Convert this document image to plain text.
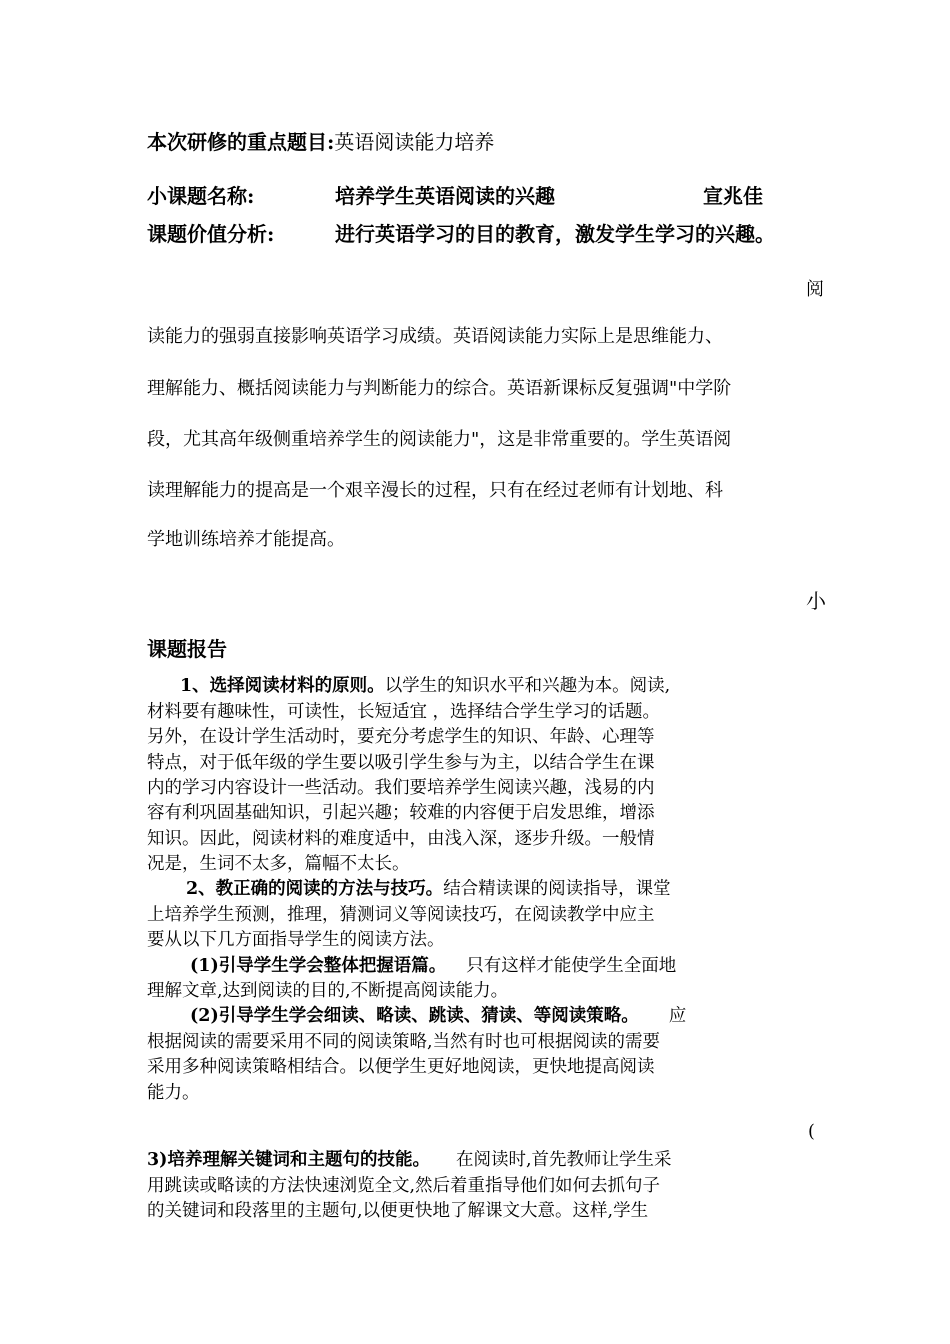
本次研修的重点题目:英语阅读能力培养
小课题名称:	培养学生英语阅读的兴趣	宣兆佳
课题价值分析:	进行英语学习的目的教育，激发学生学习的兴趣。
阅
读能力的强弱直接影响英语学习成绩。英语阅读能力实际上是思维能力、
理解能力、概括阅读能力与判断能力的综合。英语新课标反复强调"中学阶
段，尤其高年级侧重培养学生的阅读能力"，这是非常重要的。学生英语阅
读理解能力的提高是一个艰辛漫长的过程，只有在经过老师有计划地、科
学地训练培养才能提高。
小
课题报告
1、选择阅读材料的原则。以学生的知识水平和兴趣为本。阅读,
材料要有趣味性，可读性，长短适宜 ，选择结合学生学习的话题。
另外，在设计学生活动时，要充分考虑学生的知识、年龄、心理等
特点，对于低年级的学生要以吸引学生参与为主，以结合学生在课
内的学习内容设计一些活动。我们要培养学生阅读兴趣，浅易的内
容有利巩固基础知识，引起兴趣；较难的内容便于启发思维，增添
知识。因此，阅读材料的难度适中，由浅入深，逐步升级。一般情
况是，生词不太多，篇幅不太长。
2、教正确的阅读的方法与技巧。结合精读课的阅读指导，课堂
上培养学生预测，推理，猜测词义等阅读技巧，在阅读教学中应主
要从以下几方面指导学生的阅读方法。
(1)引导学生学会整体把握语篇。 只有这样才能使学生全面地
理解文章,达到阅读的目的,不断提高阅读能力。
(2)引导学生学会细读、略读、跳读、猜读、等阅读策略。 应
根据阅读的需要采用不同的阅读策略,当然有时也可根据阅读的需要
采用多种阅读策略相结合。以便学生更好地阅读，更快地提高阅读
能力。
(
3)培养理解关键词和主题句的技能。 在阅读时,首先教师让学生采
用跳读或略读的方法快速浏览全文,然后着重指导他们如何去抓句子
的关键词和段落里的主题句,以便更快地了解课文大意。这样,学生
